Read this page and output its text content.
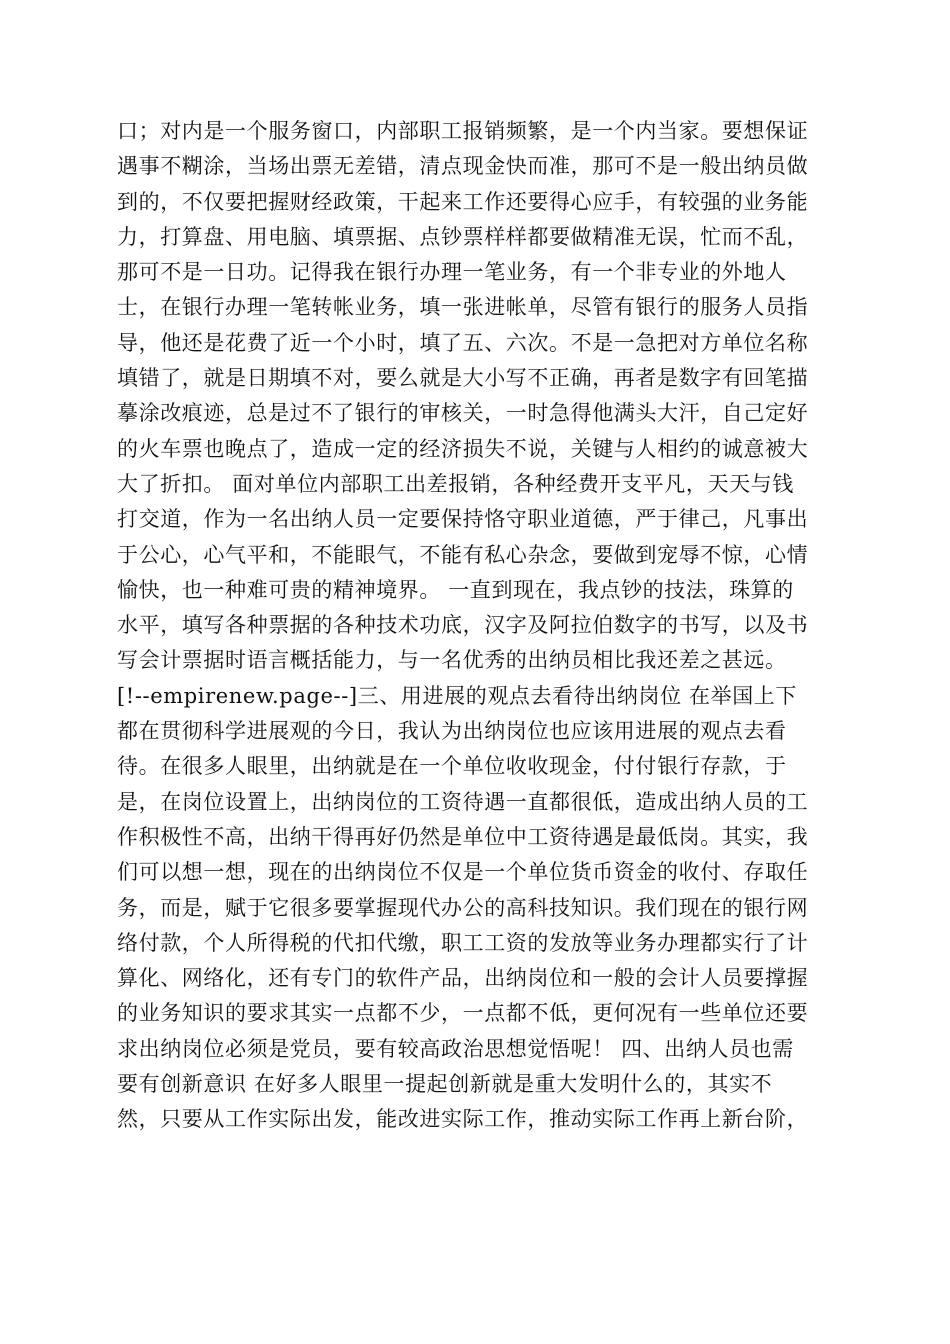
口；对内是一个服务窗口，内部职工报销频繁，是一个内当家。要想保证
遇事不糊涂，当场出票无差错，清点现金快而准，那可不是一般出纳员做
到的，不仅要把握财经政策，干起来工作还要得心应手，有较强的业务能
力，打算盘、用电脑、填票据、点钞票样样都要做精准无误，忙而不乱，
那可不是一日功。记得我在银行办理一笔业务，有一个非专业的外地人
士，在银行办理一笔转帐业务，填一张进帐单，尽管有银行的服务人员指
导，他还是花费了近一个小时，填了五、六次。不是一急把对方单位名称
填错了，就是日期填不对，要么就是大小写不正确，再者是数字有回笔描
摹涂改痕迹，总是过不了银行的审核关，一时急得他满头大汗，自己定好
的火车票也晚点了，造成一定的经济损失不说，关键与人相约的诚意被大
大了折扣。 面对单位内部职工出差报销，各种经费开支平凡，天天与钱
打交道，作为一名出纳人员一定要保持恪守职业道德，严于律己，凡事出
于公心，心气平和，不能眼气，不能有私心杂念，要做到宠辱不惊，心情
愉快，也一种难可贵的精神境界。 一直到现在，我点钞的技法，珠算的
水平，填写各种票据的各种技术功底，汉字及阿拉伯数字的书写，以及书
写会计票据时语言概括能力，与一名优秀的出纳员相比我还差之甚远。
[!--empirenew.page--]三、用进展的观点去看待出纳岗位 在举国上下
都在贯彻科学进展观的今日，我认为出纳岗位也应该用进展的观点去看
待。在很多人眼里，出纳就是在一个单位收收现金，付付银行存款，于
是，在岗位设置上，出纳岗位的工资待遇一直都很低，造成出纳人员的工
作积极性不高，出纳干得再好仍然是单位中工资待遇是最低岗。其实，我
们可以想一想，现在的出纳岗位不仅是一个单位货币资金的收付、存取任
务，而是，赋于它很多要掌握现代办公的高科技知识。我们现在的银行网
络付款，个人所得税的代扣代缴，职工工资的发放等业务办理都实行了计
算化、网络化，还有专门的软件产品，出纳岗位和一般的会计人员要撑握
的业务知识的要求其实一点都不少，一点都不低，更何况有一些单位还要
求出纳岗位必须是党员，要有较高政治思想觉悟呢！ 四、出纳人员也需
要有创新意识 在好多人眼里一提起创新就是重大发明什么的，其实不
然，只要从工作实际出发，能改进实际工作，推动实际工作再上新台阶，
